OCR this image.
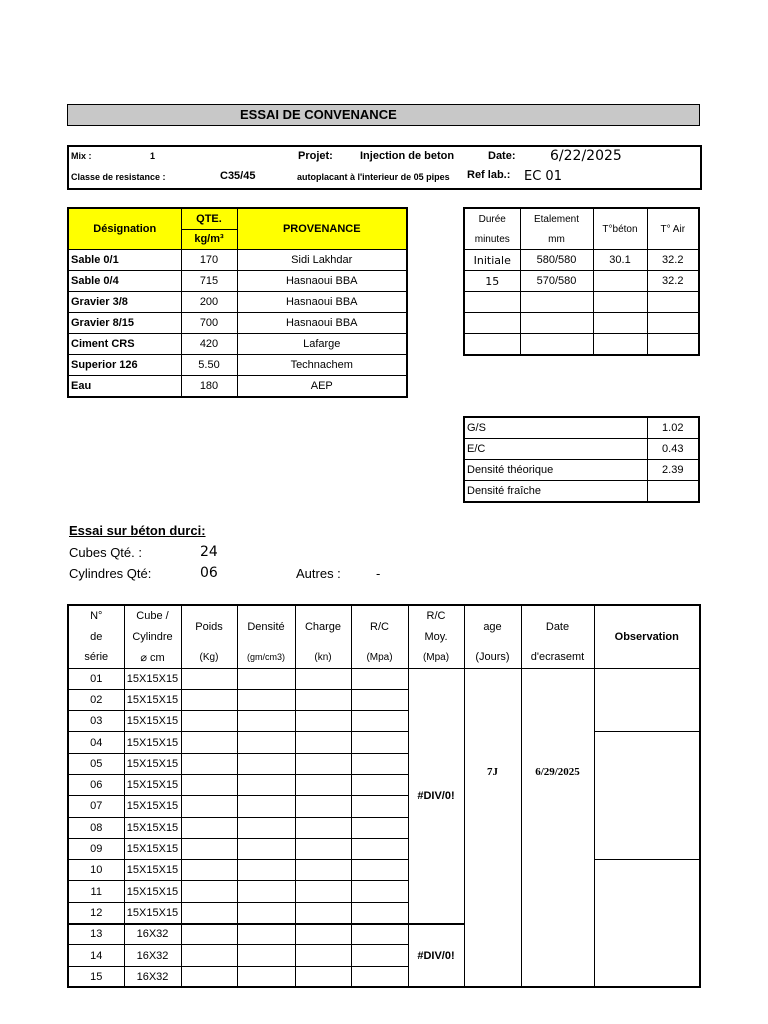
ESSAI DE CONVENANCE
Mix :	1	Projet: Injection de beton	Date: 6/22/2025
Classe de resistance :	C35/45	autoplacant à l'interieur de 05 pipes Ref lab.: EC 01
Désignation	QTE.	PROVENANCE
	kg/m³	
Sable 0/1	170	Sidi Lakhdar
Sable 0/4	715	Hasnaoui BBA
Gravier 3/8	200	Hasnaoui BBA
Gravier 8/15	700	Hasnaoui BBA
Ciment CRS	420	Lafarge
Superior 126	5.50	Technachem
Eau	180	AEP
Durée	Etalement	T°béton	T° Air
minutes	mm		
Initiale	580/580	30.1	32.2
15	570/580		32.2

G/S	1.02
E/C	0.43
Densité théorique	2.39
Densité fraîche	
Essai sur béton durci:
Cubes Qté. :	24
Cylindres Qté:	06	Autres :	-
N°	Cube /	Poids	Densité	Charge	R/C	R/C	age	Date	Observation
de	Cylindre					Moy.			
série	⌀ cm	(Kg)	(gm/cm3)	(kn)	(Mpa)	(Mpa)	(Jours)	d'ecrasemt	
01	15X15X15					#DIV/0!	7J	6/29/2025	
02	15X15X15								
03	15X15X15								
04	15X15X15								
05	15X15X15								
06	15X15X15								
07	15X15X15								
08	15X15X15								
09	15X15X15								
10	15X15X15								
11	15X15X15								
12	15X15X15								
13	16X32					#DIV/0!			
14	16X32								
15	16X32								
